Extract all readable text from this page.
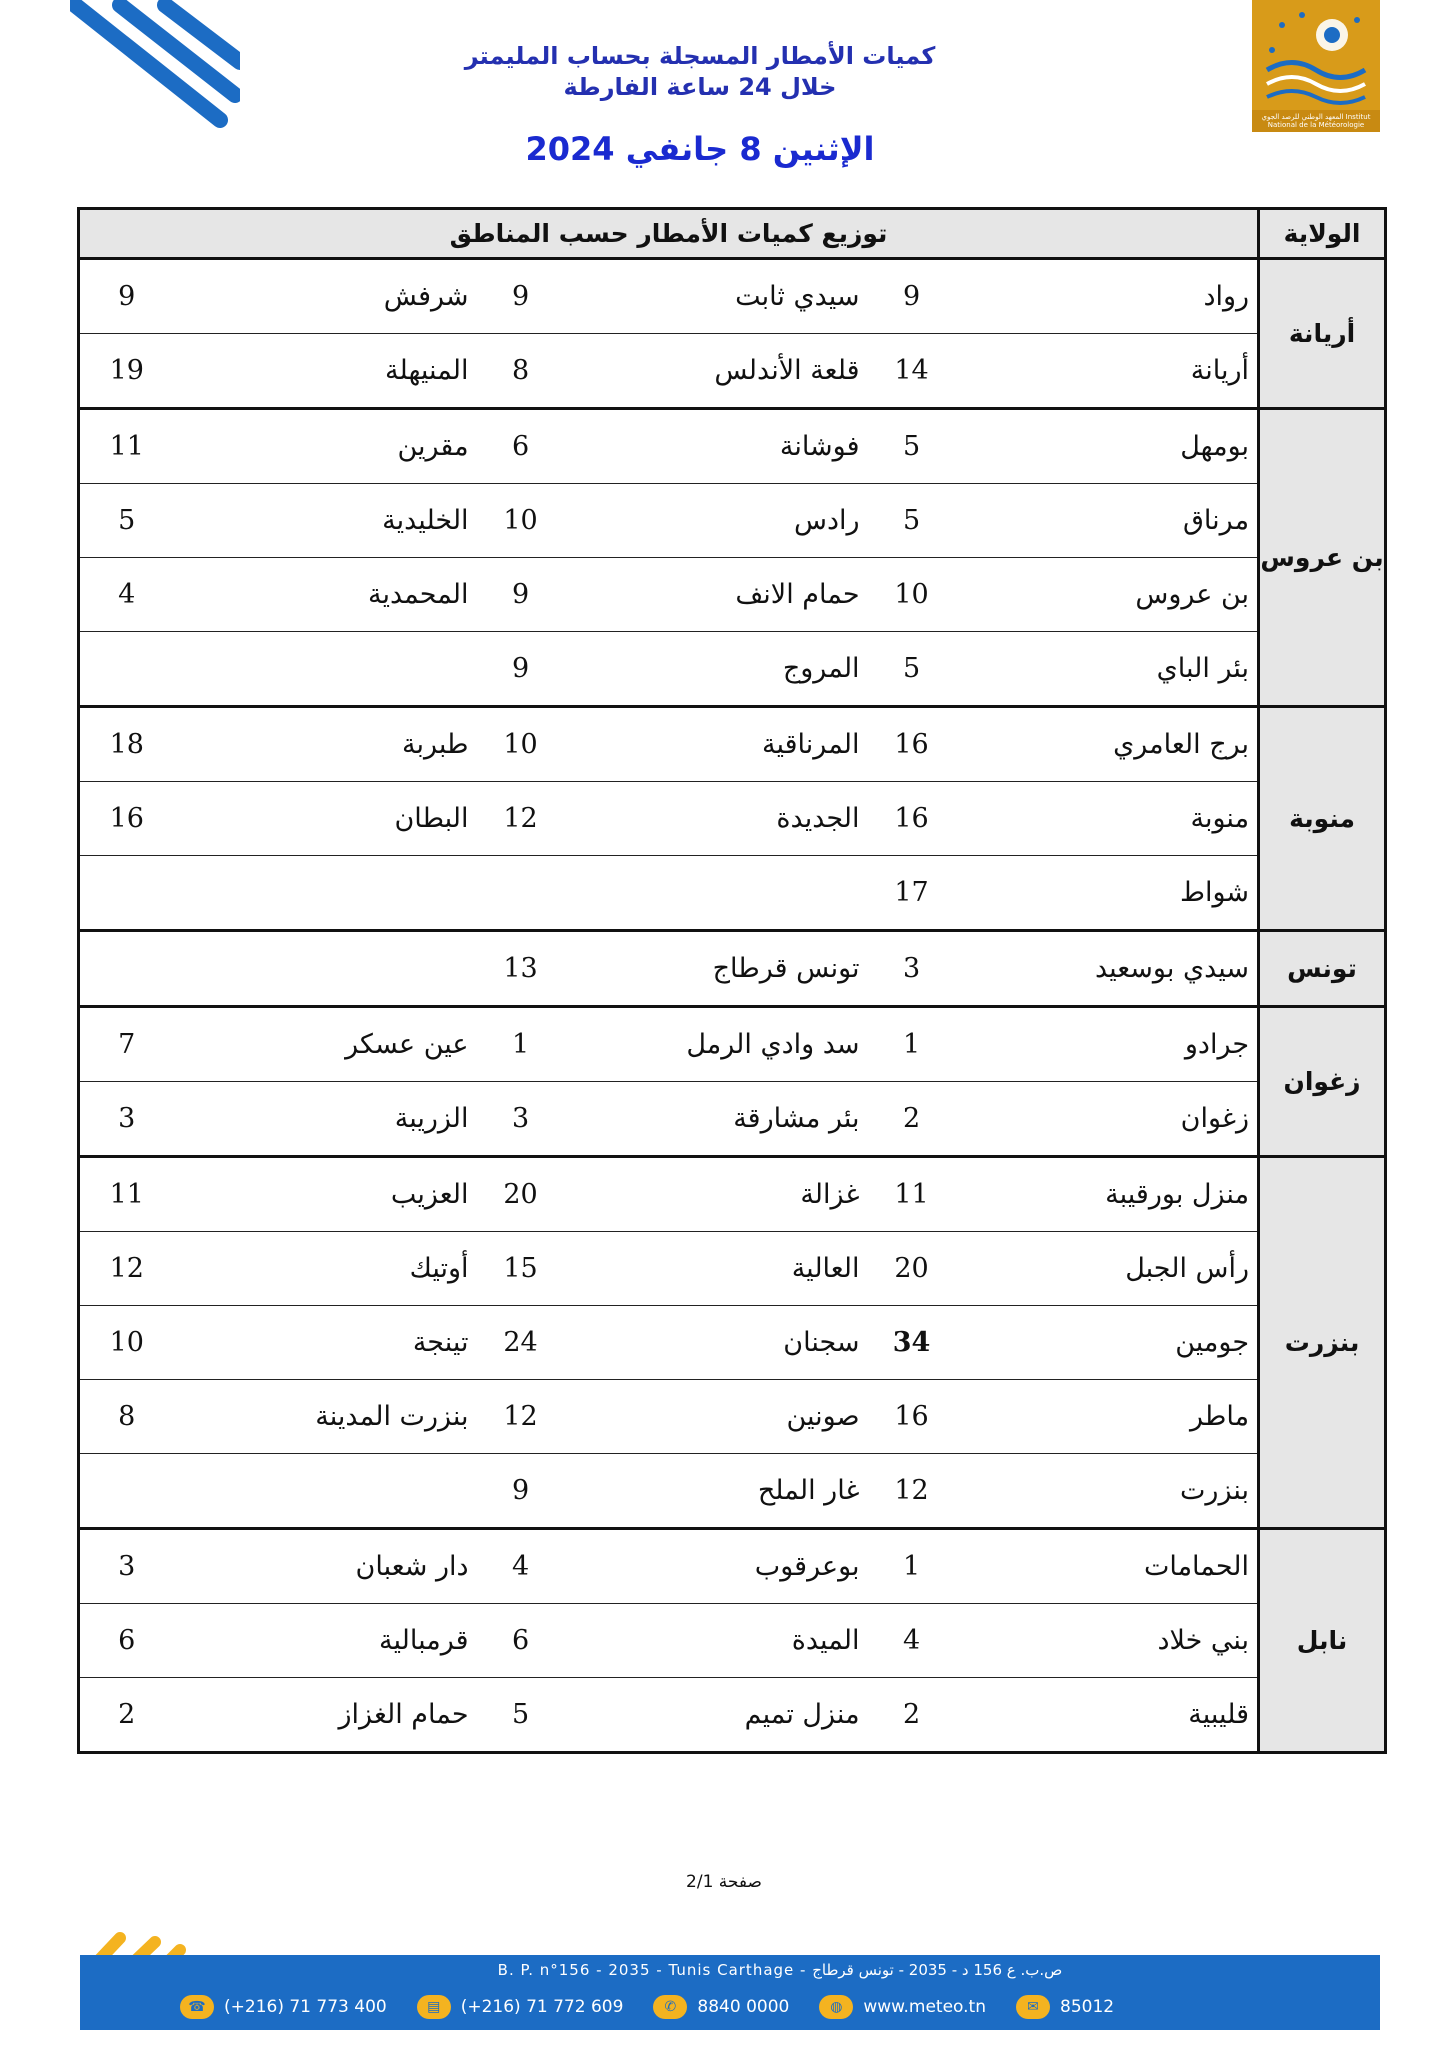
كميات الأمطار المسجلة بحساب المليمتر
خلال 24 ساعة الفارطة
المعهد الوطني للرصد الجوي Institut National de la Météorologie
الإثنين 8 جانفي 2024
الولاية	توزيع كميات الأمطار حسب المناطق					
أريانة	رواد	9	سيدي ثابت	9	شرفش	9
	أريانة	14	قلعة الأندلس	8	المنيهلة	19
بن عروس	بومهل	5	فوشانة	6	مقرين	11
	مرناق	5	رادس	10	الخليدية	5
	بن عروس	10	حمام الانف	9	المحمدية	4
	بئر الباي	5	المروج	9		
منوبة	برج العامري	16	المرناقية	10	طبربة	18
	منوبة	16	الجديدة	12	البطان	16
	شواط	17				
تونس	سيدي بوسعيد	3	تونس قرطاج	13		
زغوان	جرادو	1	سد وادي الرمل	1	عين عسكر	7
	زغوان	2	بئر مشارقة	3	الزريبة	3
بنزرت	منزل بورقيبة	11	غزالة	20	العزيب	11
	رأس الجبل	20	العالية	15	أوتيك	12
	جومين	34	سجنان	24	تينجة	10
	ماطر	16	صونين	12	بنزرت المدينة	8
	بنزرت	12	غار الملح	9		
نابل	الحمامات	1	بوعرقوب	4	دار شعبان	3
	بني خلاد	4	الميدة	6	قرمبالية	6
	قليبية	2	منزل تميم	5	حمام الغزاز	2
صفحة 2/1
B. P. n°156 - 2035 - Tunis Carthage - ص.ب. ع 156 د - 2035 - تونس قرطاج
☎	(+216) 71 773 400	▤	(+216) 71 772 609	✆	8840 0000	◍	www.meteo.tn	✉	85012
